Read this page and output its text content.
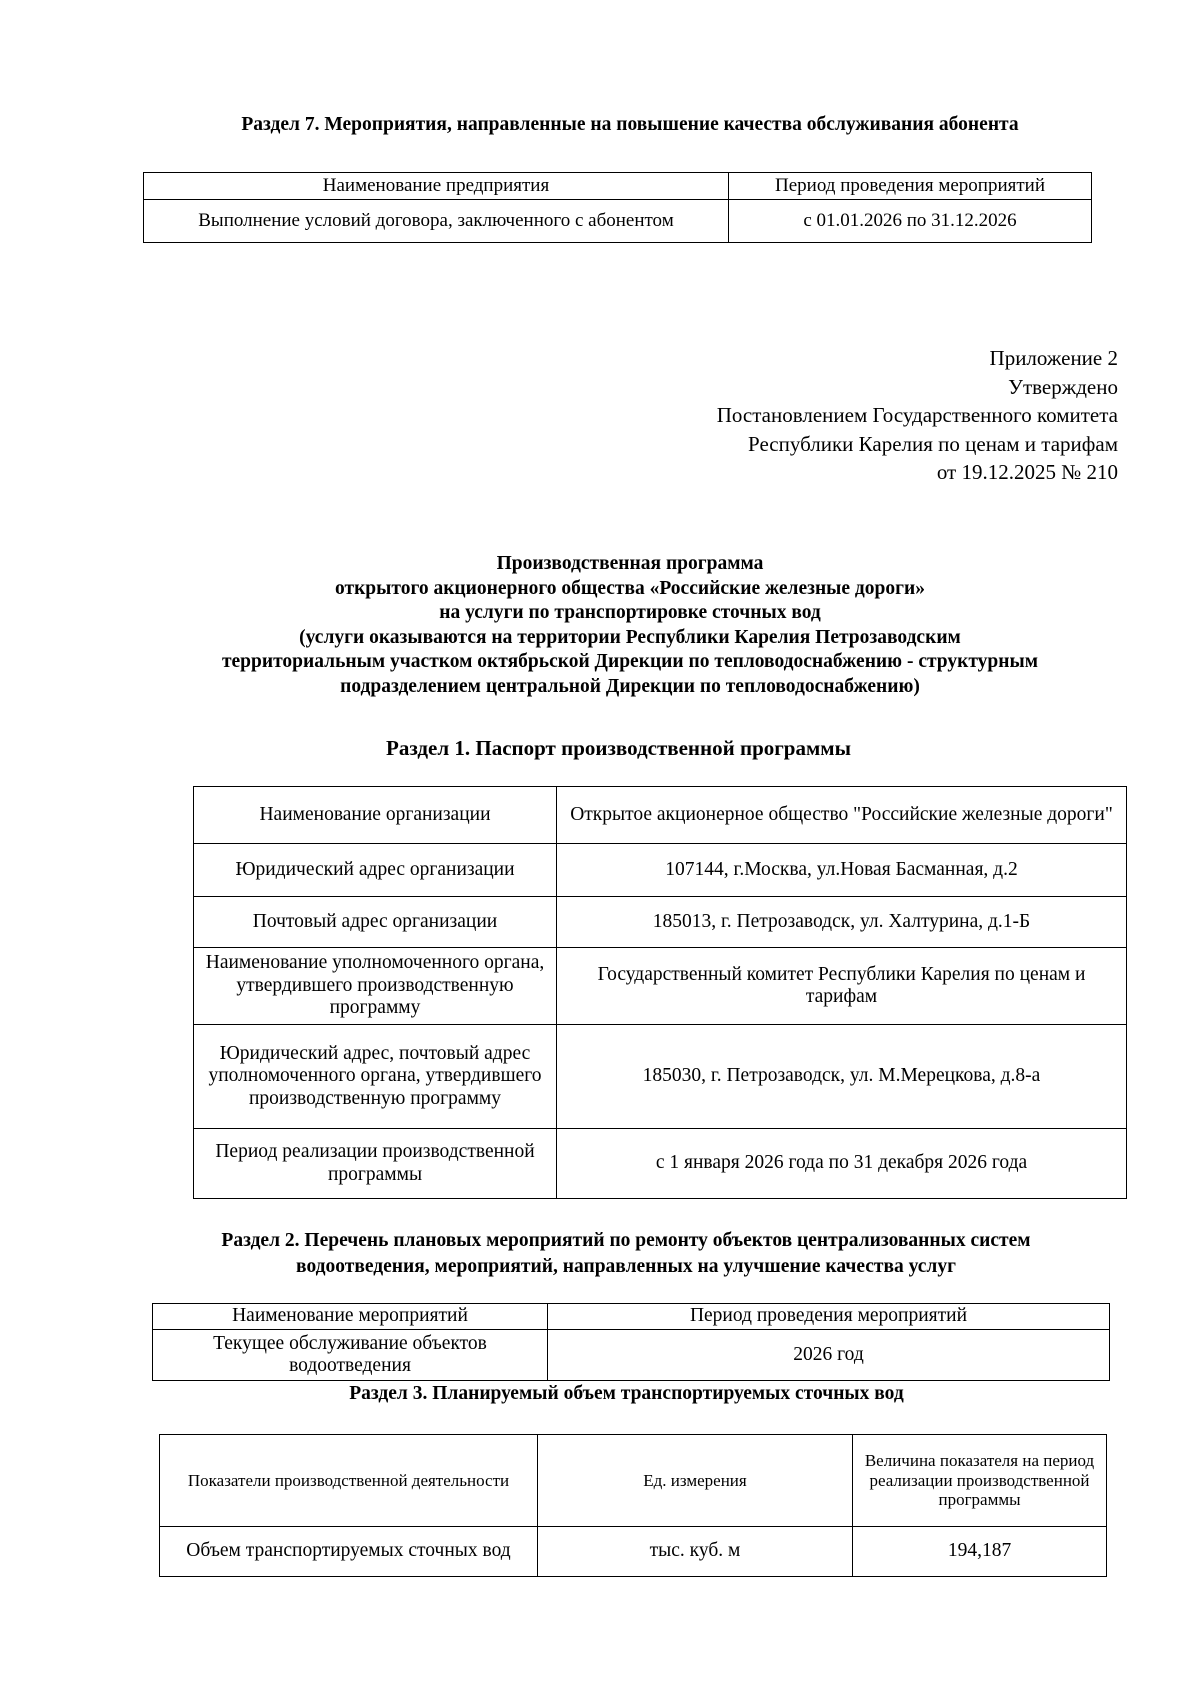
Раздел 7. Мероприятия, направленные на повышение качества обслуживания абонента
Наименование предприятия	Период проведения мероприятий
Выполнение условий договора, заключенного с абонентом	с 01.01.2026 по 31.12.2026
Приложение 2
Утверждено
Постановлением Государственного комитета
Республики Карелия по ценам и тарифам
от 19.12.2025 № 210
Производственная программа
открытого акционерного общества «Российские железные дороги»
на услуги по транспортировке сточных вод
(услуги оказываются на территории Республики Карелия Петрозаводским
территориальным участком октябрьской Дирекции по тепловодоснабжению - структурным
подразделением центральной Дирекции по тепловодоснабжению)
Раздел 1. Паспорт производственной программы
Наименование организации	Открытое акционерное общество "Российские железные дороги"
Юридический адрес организации	107144, г.Москва, ул.Новая Басманная, д.2
Почтовый адрес организации	185013, г. Петрозаводск, ул. Халтурина, д.1-Б
Наименование уполномоченного органа, утвердившего производственную программу	Государственный комитет Республики Карелия по ценам и тарифам
Юридический адрес, почтовый адрес уполномоченного органа, утвердившего производственную программу	185030, г. Петрозаводск, ул. М.Мерецкова, д.8-а
Период реализации производственной программы	с 1 января 2026 года по 31 декабря 2026 года
Раздел 2. Перечень плановых мероприятий по ремонту объектов централизованных систем
водоотведения, мероприятий, направленных на улучшение качества услуг
Наименование мероприятий	Период проведения мероприятий
Текущее обслуживание объектов водоотведения	2026 год
Раздел 3. Планируемый объем транспортируемых сточных вод
Показатели производственной деятельности	Ед. измерения	Величина показателя на период реализации производственной программы
Объем транспортируемых сточных вод	тыс. куб. м	194,187
